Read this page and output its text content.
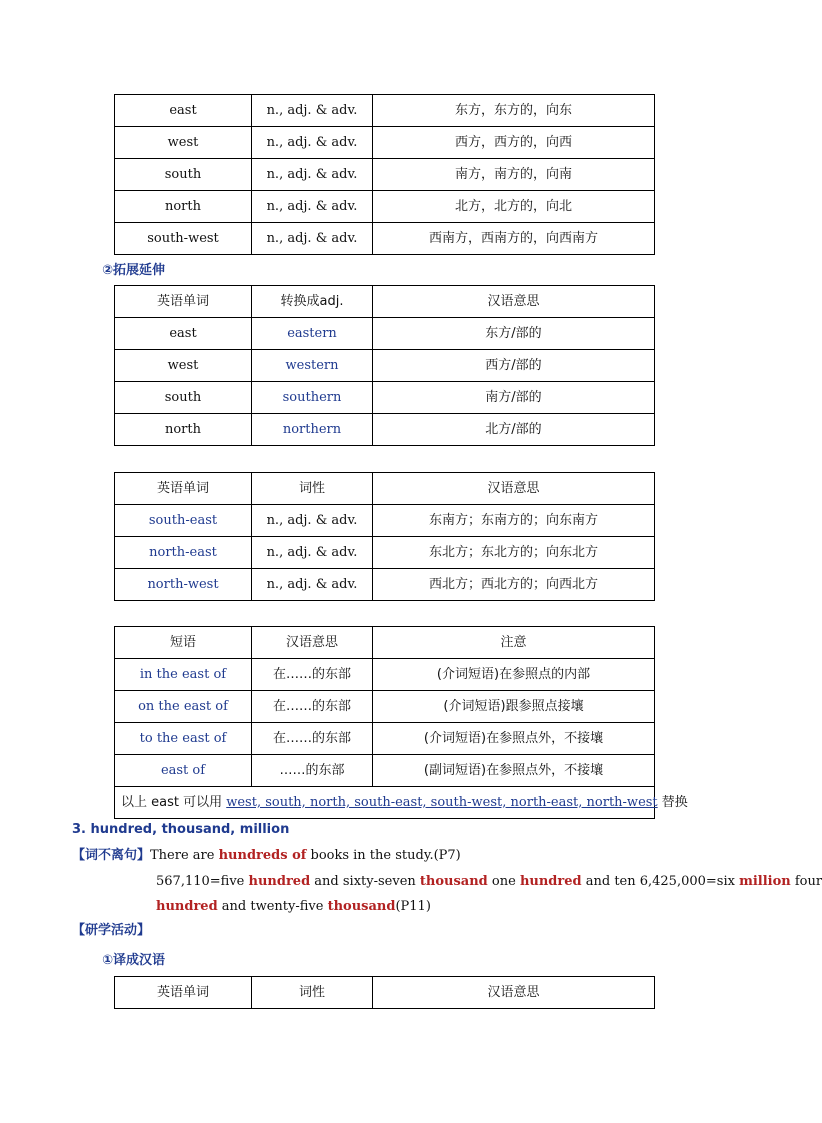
east	n., adj. & adv.	东方，东方的，向东
west	n., adj. & adv.	西方，西方的，向西
south	n., adj. & adv.	南方，南方的，向南
north	n., adj. & adv.	北方，北方的，向北
south-west	n., adj. & adv.	西南方，西南方的，向西南方
②拓展延伸
英语单词	转换成adj.	汉语意思
east	eastern	东方/部的
west	western	西方/部的
south	southern	南方/部的
north	northern	北方/部的
英语单词	词性	汉语意思
south-east	n., adj. & adv.	东南方；东南方的；向东南方
north-east	n., adj. & adv.	东北方；东北方的；向东北方
north-west	n., adj. & adv.	西北方；西北方的；向西北方
短语	汉语意思	注意
in the east of	在……的东部	(介词短语)在参照点的内部
on the east of	在……的东部	(介词短语)跟参照点接壤
to the east of	在……的东部	(介词短语)在参照点外，不接壤
east of	……的东部	(副词短语)在参照点外，不接壤
以上 east 可以用 west, south, north, south-east, south-west, north-east, north-west 替换		
3. hundred, thousand, million
【词不离句】There are hundreds of books in the study.(P7)
567,110=five hundred and sixty-seven thousand one hundred and ten 6,425,000=six million four
hundred and twenty-five thousand(P11)
【研学活动】
①译成汉语
英语单词	词性	汉语意思
